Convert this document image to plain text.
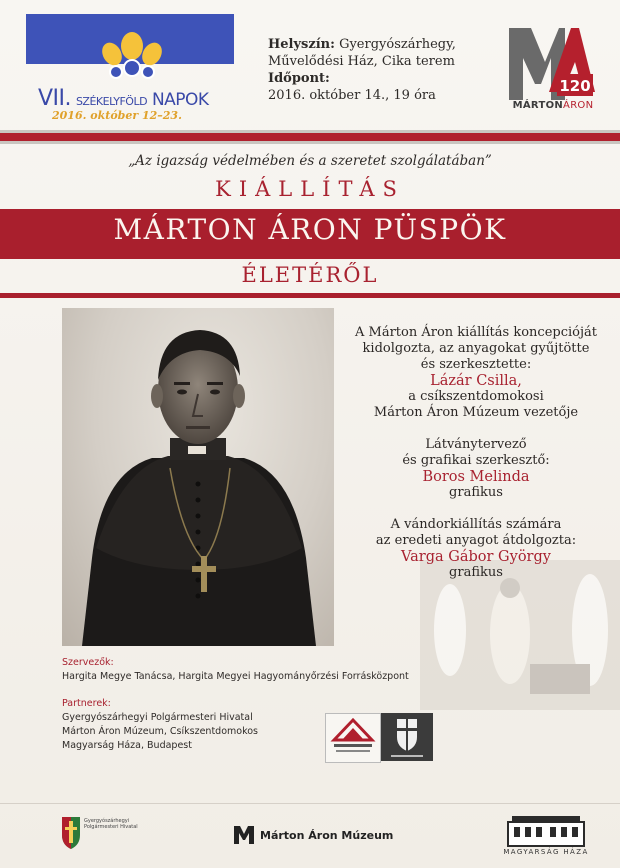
VII. SZÉKELYFÖLD NAPOK
2016. október 12–23.
Helyszín: Gyergyószárhegy,
Művelődési Ház, Cika terem
Időpont:
2016. október 14., 19 óra
120
MÁRTONÁRON
„Az igazság védelmében és a szeretet szolgálatában”
KIÁLLÍTÁS
MÁRTON ÁRON PÜSPÖK
ÉLETÉRŐL

A Márton Áron kiállítás koncepcióját

kidolgozta, az anyagokat gyűjtötte

és szerkesztette:

Lázár Csilla,

a csíkszentdomokosi

Márton Áron Múzeum vezetője

Látványtervező

és grafikai szerkesztő:

Boros Melinda

grafikus

A vándorkiállítás számára

az eredeti anyagot átdolgozta:

Varga Gábor György

grafikus

Szervezők:
Hargita Megye Tanácsa, Hargita Megyei Hagyományőrzési Forrásközpont
Partnerek:
Gyergyószárhegyi Polgármesteri Hivatal
Márton Áron Múzeum, Csíkszentdomokos
Magyarság Háza, Budapest
Gyergyószárhegyi Polgármesteri Hivatal
Márton Áron Múzeum
MAGYARSÁG HÁZA
